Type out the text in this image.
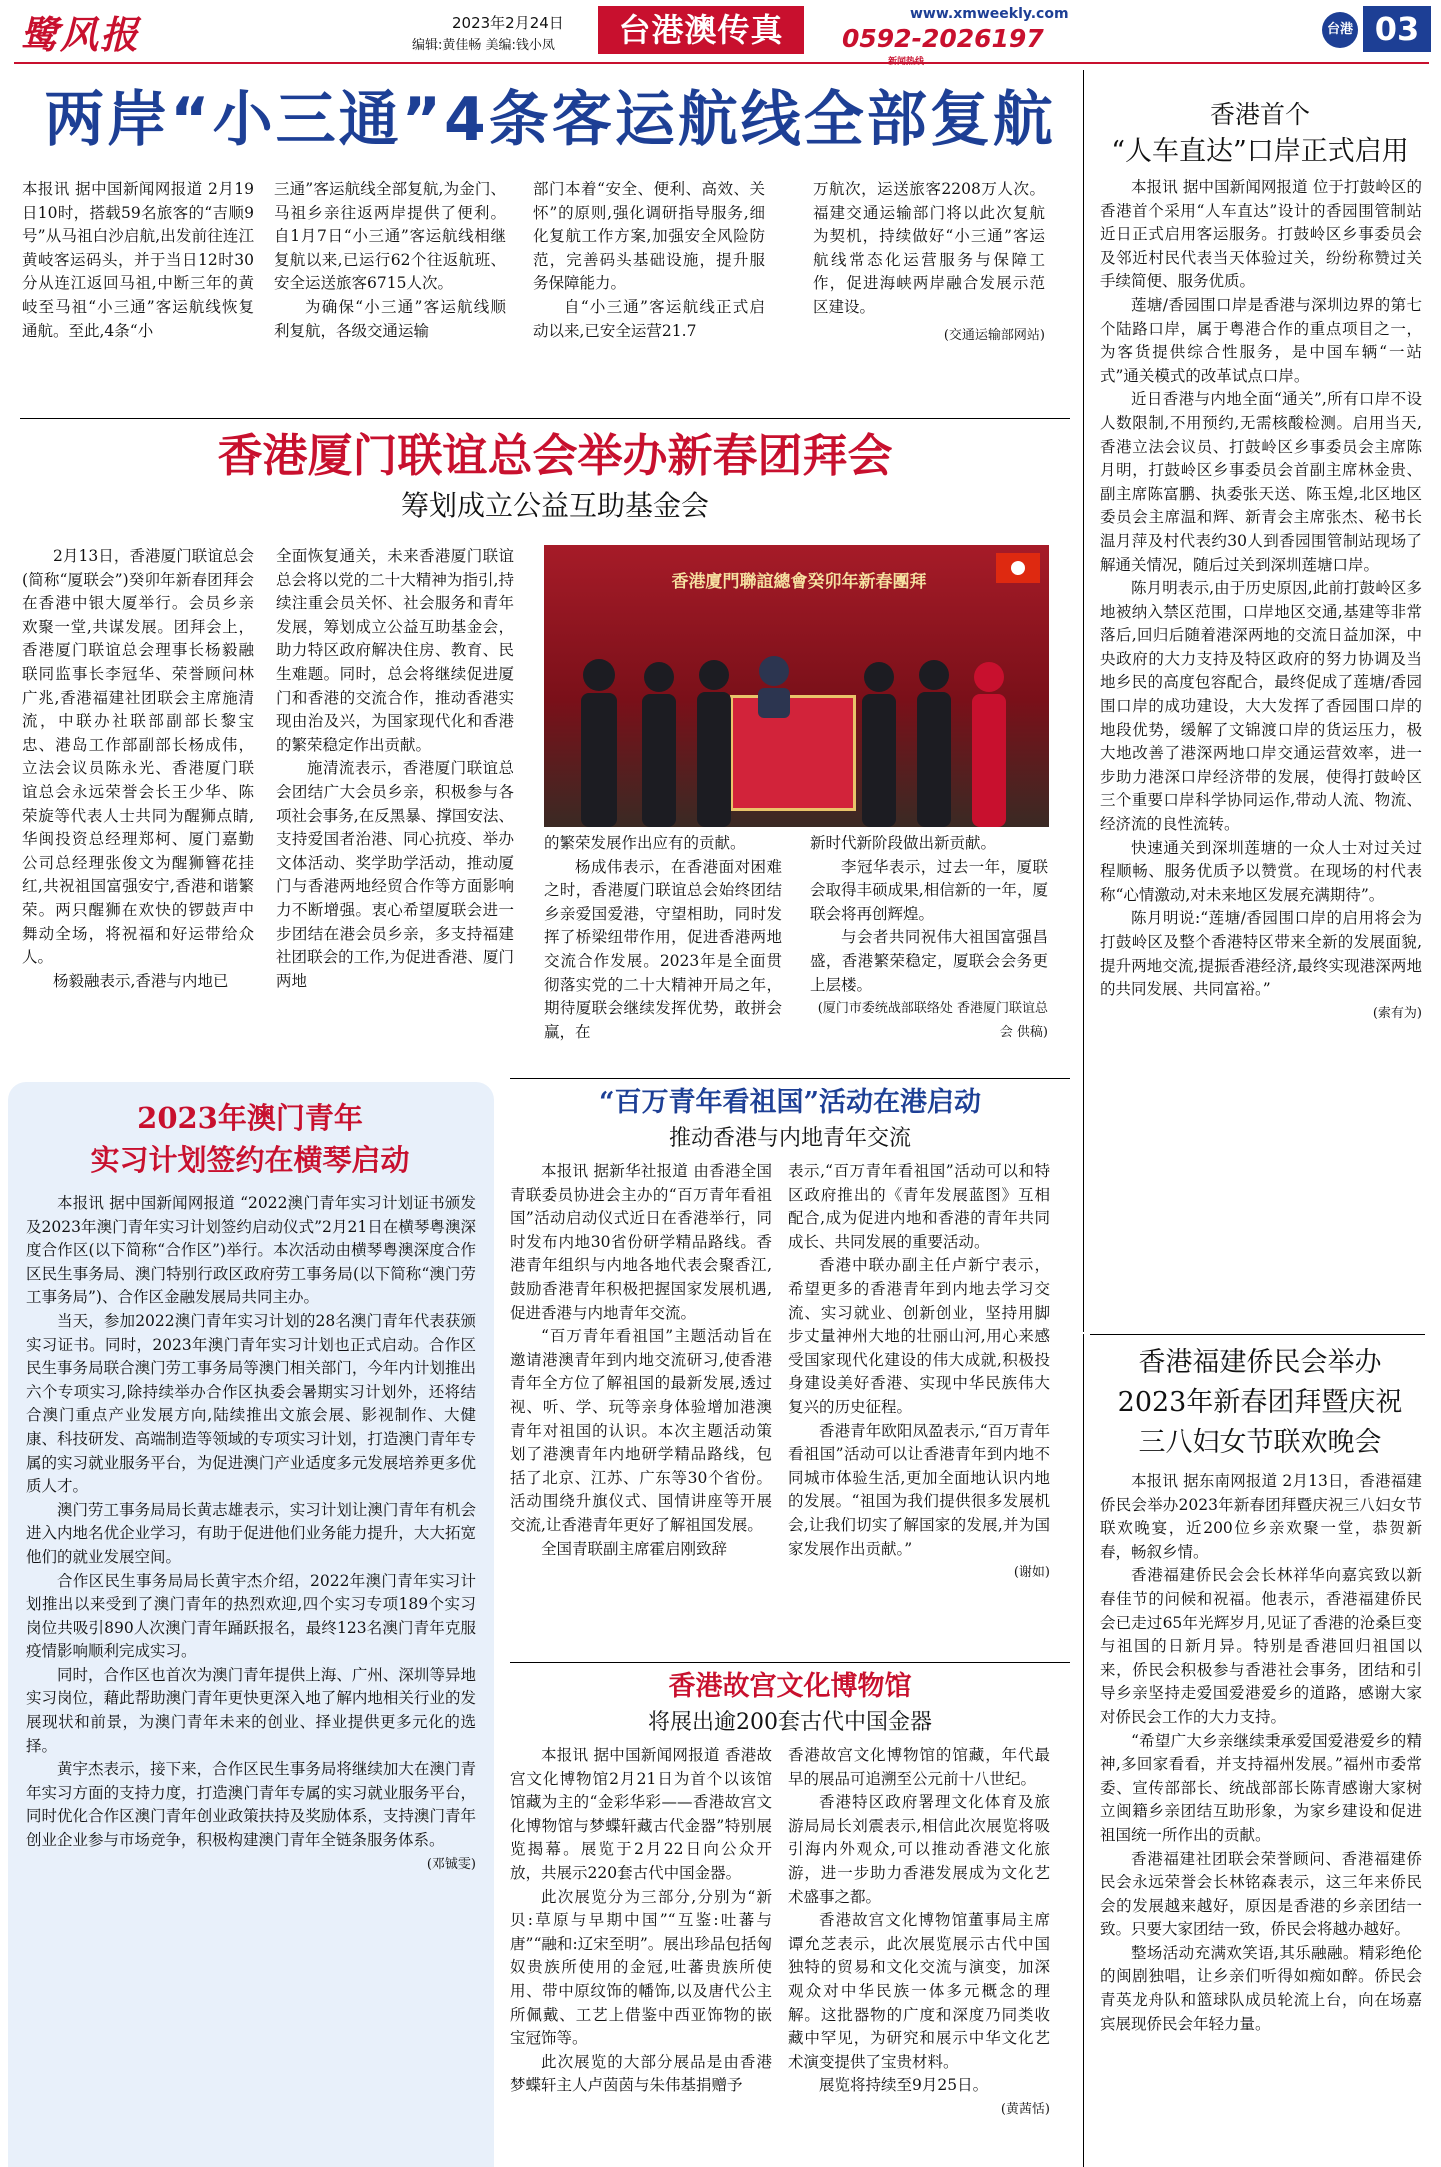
鹭风报	2023年2月24日
编辑:黄佳畅 美编:钱小凤	台港澳传真	www.xmweekly.com
0592-2026197	台港 03
两岸“小三通”4条客运航线全部复航

本报讯 据中国新闻网报道 2月19日10时，搭载59名旅客的“吉顺9号”从马祖白沙启航,出发前往连江黄岐客运码头，并于当日12时30分从连江返回马祖,中断三年的黄岐至马祖“小三通”客运航线恢复通航。至此,4条“小

三通”客运航线全部复航,为金门、马祖乡亲往返两岸提供了便利。自1月7日“小三通”客运航线相继复航以来,已运行62个往返航班、安全运送旅客6715人次。

为确保“小三通”客运航线顺利复航，各级交通运输

部门本着“安全、便利、高效、关怀”的原则,强化调研指导服务,细化复航工作方案,加强安全风险防范，完善码头基础设施，提升服务保障能力。

自“小三通”客运航线正式启动以来,已安全运营21.7

万航次，运送旅客2208万人次。福建交通运输部门将以此次复航为契机，持续做好“小三通”客运航线常态化运营服务与保障工作，促进海峡两岸融合发展示范区建设。

(交通运输部网站)

香港首个
“人车直达”口岸正式启用

本报讯 据中国新闻网报道 位于打鼓岭区的香港首个采用“人车直达”设计的香园围管制站近日正式启用客运服务。打鼓岭区乡事委员会及邻近村民代表当天体验过关，纷纷称赞过关手续简便、服务优质。

莲塘/香园围口岸是香港与深圳边界的第七个陆路口岸，属于粤港合作的重点项目之一，为客货提供综合性服务，是中国车辆“一站式”通关模式的改革试点口岸。

近日香港与内地全面“通关”,所有口岸不设人数限制,不用预约,无需核酸检测。启用当天,香港立法会议员、打鼓岭区乡事委员会主席陈月明，打鼓岭区乡事委员会首副主席林金贵、副主席陈富鹏、执委张天送、陈玉煌,北区地区委员会主席温和辉、新青会主席张杰、秘书长温月萍及村代表约30人到香园围管制站现场了解通关情况，随后过关到深圳莲塘口岸。

陈月明表示,由于历史原因,此前打鼓岭区多地被纳入禁区范围，口岸地区交通,基建等非常落后,回归后随着港深两地的交流日益加深，中央政府的大力支持及特区政府的努力协调及当地乡民的高度包容配合，最终促成了莲塘/香园围口岸的成功建设，大大发挥了香园围口岸的地段优势，缓解了文锦渡口岸的货运压力，极大地改善了港深两地口岸交通运营效率，进一步助力港深口岸经济带的发展，使得打鼓岭区三个重要口岸科学协同运作,带动人流、物流、经济流的良性流转。

快速通关到深圳莲塘的一众人士对过关过程顺畅、服务优质予以赞赏。在现场的村代表称“心情激动,对未来地区发展充满期待”。

陈月明说:“莲塘/香园围口岸的启用将会为打鼓岭区及整个香港特区带来全新的发展面貌,提升两地交流,提振香港经济,最终实现港深两地的共同发展、共同富裕。”

(索有为)

香港厦门联谊总会举办新春团拜会
筹划成立公益互助基金会

2月13日，香港厦门联谊总会(简称“厦联会”)癸卯年新春团拜会在香港中银大厦举行。会员乡亲欢聚一堂,共谋发展。团拜会上，香港厦门联谊总会理事长杨毅融联同监事长李冠华、荣誉顾问林广兆,香港福建社团联会主席施清流，中联办社联部副部长黎宝忠、港岛工作部副部长杨成伟，立法会议员陈永光、香港厦门联谊总会永远荣誉会长王少华、陈荣旋等代表人士共同为醒狮点睛,华闽投资总经理郑柯、厦门嘉勤公司总经理张俊文为醒狮簪花挂红,共祝祖国富强安宁,香港和谐繁荣。两只醒狮在欢快的锣鼓声中舞动全场，将祝福和好运带给众人。

杨毅融表示,香港与内地已

全面恢复通关，未来香港厦门联谊总会将以党的二十大精神为指引,持续注重会员关怀、社会服务和青年发展，筹划成立公益互助基金会，助力特区政府解决住房、教育、民生难题。同时，总会将继续促进厦门和香港的交流合作，推动香港实现由治及兴，为国家现代化和香港的繁荣稳定作出贡献。

施清流表示，香港厦门联谊总会团结广大会员乡亲，积极参与各项社会事务,在反黑暴、撑国安法、支持爱国者治港、同心抗疫、举办文体活动、奖学助学活动，推动厦门与香港两地经贸合作等方面影响力不断增强。衷心希望厦联会进一步团结在港会员乡亲，多支持福建社团联会的工作,为促进香港、厦门两地

香港廈門聯誼總會癸卯年新春團拜

的繁荣发展作出应有的贡献。

杨成伟表示，在香港面对困难之时，香港厦门联谊总会始终团结乡亲爱国爱港，守望相助，同时发挥了桥梁纽带作用，促进香港两地交流合作发展。2023年是全面贯彻落实党的二十大精神开局之年，期待厦联会继续发挥优势，敢拼会赢，在

新时代新阶段做出新贡献。

李冠华表示，过去一年，厦联会取得丰硕成果,相信新的一年，厦联会将再创辉煌。

与会者共同祝伟大祖国富强昌盛，香港繁荣稳定，厦联会会务更上层楼。

(厦门市委统战部联络处 香港厦门联谊总会 供稿)

2023年澳门青年
实习计划签约在横琴启动

本报讯 据中国新闻网报道 “2022澳门青年实习计划证书颁发及2023年澳门青年实习计划签约启动仪式”2月21日在横琴粤澳深度合作区(以下简称“合作区”)举行。本次活动由横琴粤澳深度合作区民生事务局、澳门特别行政区政府劳工事务局(以下简称“澳门劳工事务局”)、合作区金融发展局共同主办。

当天，参加2022澳门青年实习计划的28名澳门青年代表获颁实习证书。同时，2023年澳门青年实习计划也正式启动。合作区民生事务局联合澳门劳工事务局等澳门相关部门，今年内计划推出六个专项实习,除持续举办合作区执委会暑期实习计划外，还将结合澳门重点产业发展方向,陆续推出文旅会展、影视制作、大健康、科技研发、高端制造等领域的专项实习计划，打造澳门青年专属的实习就业服务平台，为促进澳门产业适度多元发展培养更多优质人才。

澳门劳工事务局局长黄志雄表示，实习计划让澳门青年有机会进入内地名优企业学习，有助于促进他们业务能力提升，大大拓宽他们的就业发展空间。

合作区民生事务局局长黄宇杰介绍，2022年澳门青年实习计划推出以来受到了澳门青年的热烈欢迎,四个实习专项189个实习岗位共吸引890人次澳门青年踊跃报名，最终123名澳门青年克服疫情影响顺利完成实习。

同时，合作区也首次为澳门青年提供上海、广州、深圳等异地实习岗位，藉此帮助澳门青年更快更深入地了解内地相关行业的发展现状和前景，为澳门青年未来的创业、择业提供更多元化的选择。

黄宇杰表示，接下来，合作区民生事务局将继续加大在澳门青年实习方面的支持力度，打造澳门青年专属的实习就业服务平台，同时优化合作区澳门青年创业政策扶持及奖励体系，支持澳门青年创业企业参与市场竞争，积极构建澳门青年全链条服务体系。

(邓铖雯)

“百万青年看祖国”活动在港启动
推动香港与内地青年交流

本报讯 据新华社报道 由香港全国青联委员协进会主办的“百万青年看祖国”活动启动仪式近日在香港举行，同时发布内地30省份研学精品路线。香港青年组织与内地各地代表会聚香江,鼓励香港青年积极把握国家发展机遇,促进香港与内地青年交流。

“百万青年看祖国”主题活动旨在邀请港澳青年到内地交流研习,使香港青年全方位了解祖国的最新发展,透过视、听、学、玩等亲身体验增加港澳青年对祖国的认识。本次主题活动策划了港澳青年内地研学精品路线，包括了北京、江苏、广东等30个省份。活动围绕升旗仪式、国情讲座等开展交流,让香港青年更好了解祖国发展。

全国青联副主席霍启刚致辞

表示,“百万青年看祖国”活动可以和特区政府推出的《青年发展蓝图》互相配合,成为促进内地和香港的青年共同成长、共同发展的重要活动。

香港中联办副主任卢新宁表示，希望更多的香港青年到内地去学习交流、实习就业、创新创业，坚持用脚步丈量神州大地的壮丽山河,用心来感受国家现代化建设的伟大成就,积极投身建设美好香港、实现中华民族伟大复兴的历史征程。

香港青年欧阳凤盈表示,“百万青年看祖国”活动可以让香港青年到内地不同城市体验生活,更加全面地认识内地的发展。“祖国为我们提供很多发展机会,让我们切实了解国家的发展,并为国家发展作出贡献。”

(谢如)

香港故宫文化博物馆
将展出逾200套古代中国金器

本报讯 据中国新闻网报道 香港故宫文化博物馆2月21日为首个以该馆馆藏为主的“金彩华彩——香港故宫文化博物馆与梦蝶轩藏古代金器”特别展览揭幕。展览于2月22日向公众开放，共展示220套古代中国金器。

此次展览分为三部分,分别为“新贝:草原与早期中国”“互鉴:吐蕃与唐”“融和:辽宋至明”。展出珍品包括匈奴贵族所使用的金冠,吐蕃贵族所使用、带中原纹饰的幡饰,以及唐代公主所佩戴、工艺上借鉴中西亚饰物的嵌宝冠饰等。

此次展览的大部分展品是由香港梦蝶轩主人卢茵茵与朱伟基捐赠予

香港故宫文化博物馆的馆藏，年代最早的展品可追溯至公元前十八世纪。

香港特区政府署理文化体育及旅游局局长刘震表示,相信此次展览将吸引海内外观众,可以推动香港文化旅游，进一步助力香港发展成为文化艺术盛事之都。

香港故宫文化博物馆董事局主席谭允芝表示，此次展览展示古代中国独特的贸易和文化交流与演变，加深观众对中华民族一体多元概念的理解。这批器物的广度和深度乃同类收藏中罕见，为研究和展示中华文化艺术演变提供了宝贵材料。

展览将持续至9月25日。

(黄茜恬)

香港福建侨民会举办
2023年新春团拜暨庆祝
三八妇女节联欢晚会

本报讯 据东南网报道 2月13日，香港福建侨民会举办2023年新春团拜暨庆祝三八妇女节联欢晚宴，近200位乡亲欢聚一堂，恭贺新春，畅叙乡情。

香港福建侨民会会长林祥华向嘉宾致以新春佳节的问候和祝福。他表示，香港福建侨民会已走过65年光辉岁月,见证了香港的沧桑巨变与祖国的日新月异。特别是香港回归祖国以来，侨民会积极参与香港社会事务，团结和引导乡亲坚持走爱国爱港爱乡的道路，感谢大家对侨民会工作的大力支持。

“希望广大乡亲继续秉承爱国爱港爱乡的精神,多回家看看，并支持福州发展。”福州市委常委、宣传部部长、统战部部长陈青感谢大家树立闽籍乡亲团结互助形象，为家乡建设和促进祖国统一所作出的贡献。

香港福建社团联会荣誉顾问、香港福建侨民会永远荣誉会长林铭森表示，这三年来侨民会的发展越来越好，原因是香港的乡亲团结一致。只要大家团结一致，侨民会将越办越好。

整场活动充满欢笑语,其乐融融。精彩绝伦的闽剧独唱，让乡亲们听得如痴如醉。侨民会青英龙舟队和篮球队成员轮流上台，向在场嘉宾展现侨民会年轻力量。
